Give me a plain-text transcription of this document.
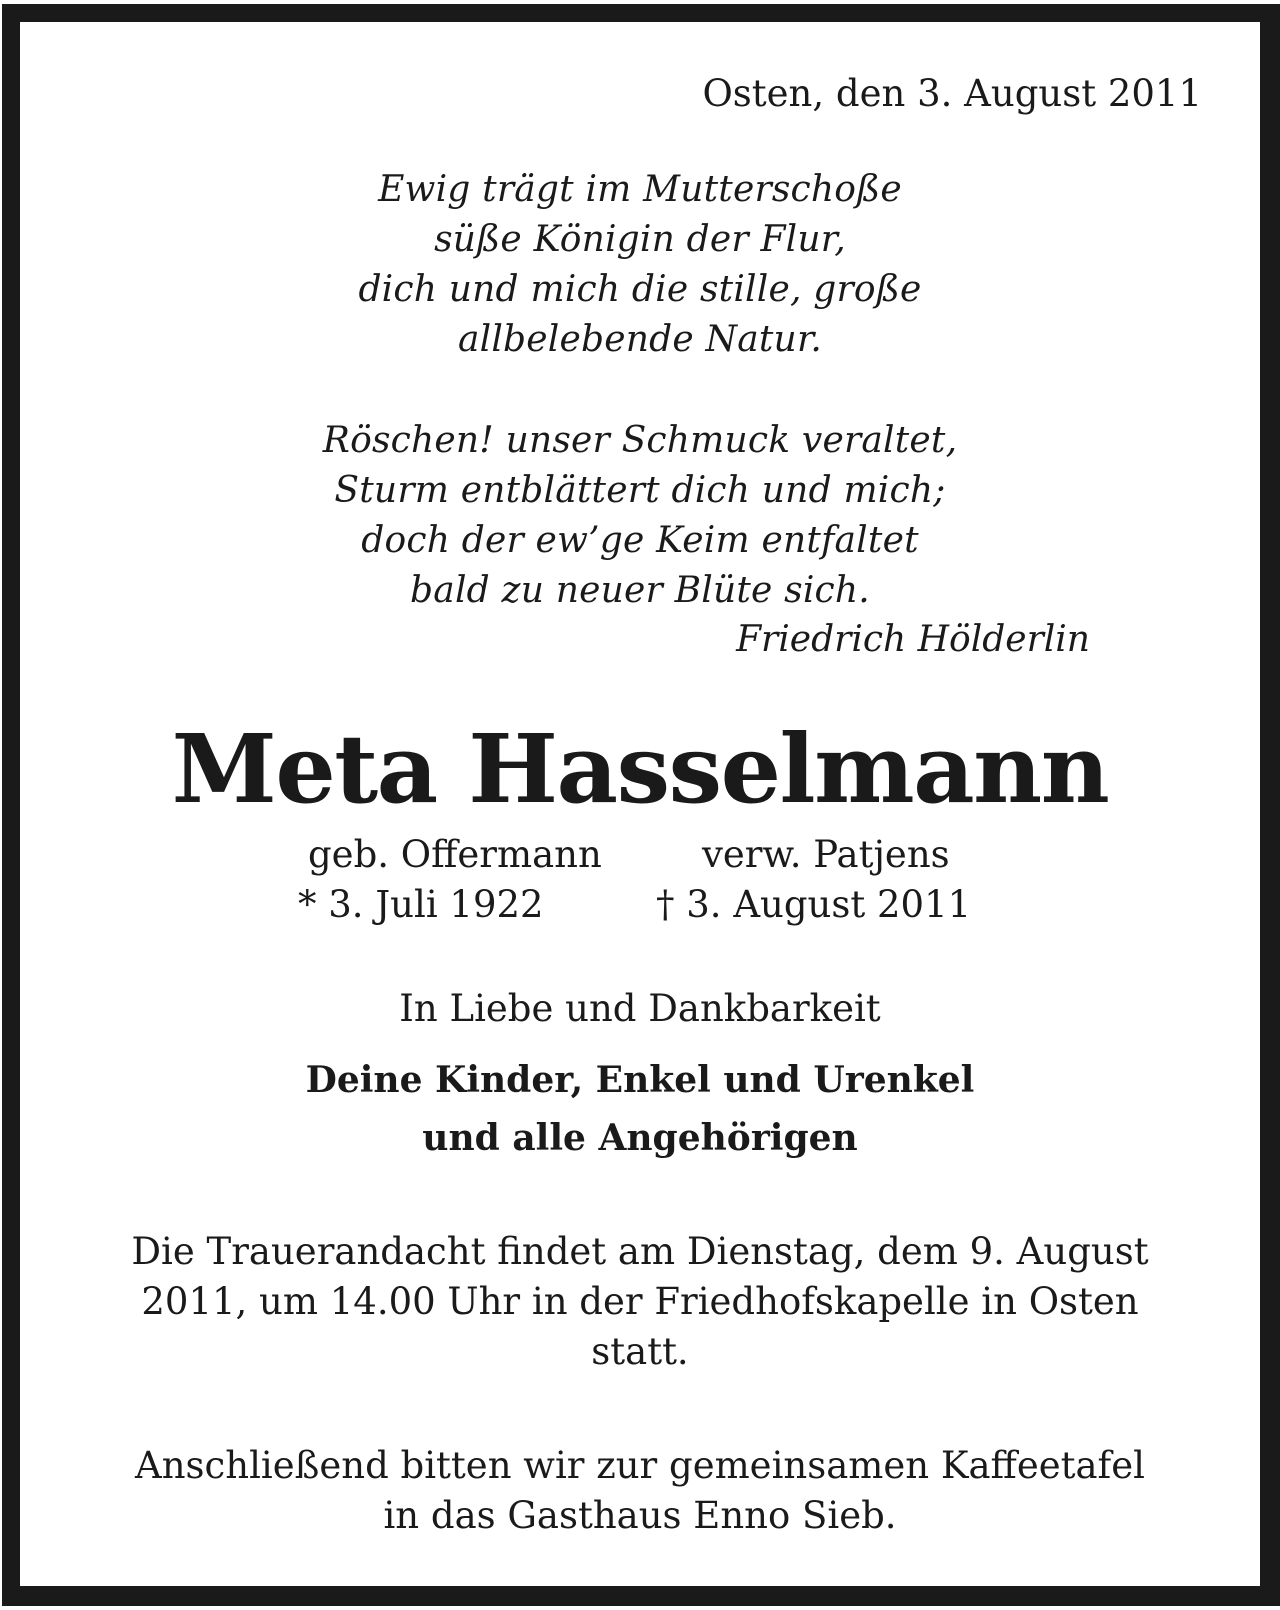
Osten, den 3. August 2011
Ewig trägt im Mutterschoße
süße Königin der Flur,
dich und mich die stille, große
allbelebende Natur.
Röschen! unser Schmuck veraltet,
Sturm entblättert dich und mich;
doch der ew’ge Keim entfaltet
bald zu neuer Blüte sich.
Friedrich Hölderlin
Meta Hasselmann
geb. Offermann	verw. Patjens
* 3. Juli 1922	† 3. August 2011
In Liebe und Dankbarkeit
Deine Kinder, Enkel und Urenkel
und alle Angehörigen
Die Trauerandacht findet am Dienstag, dem 9. August
2011, um 14.00 Uhr in der Friedhofskapelle in Osten
statt.
Anschließend bitten wir zur gemeinsamen Kaffeetafel
in das Gasthaus Enno Sieb.
